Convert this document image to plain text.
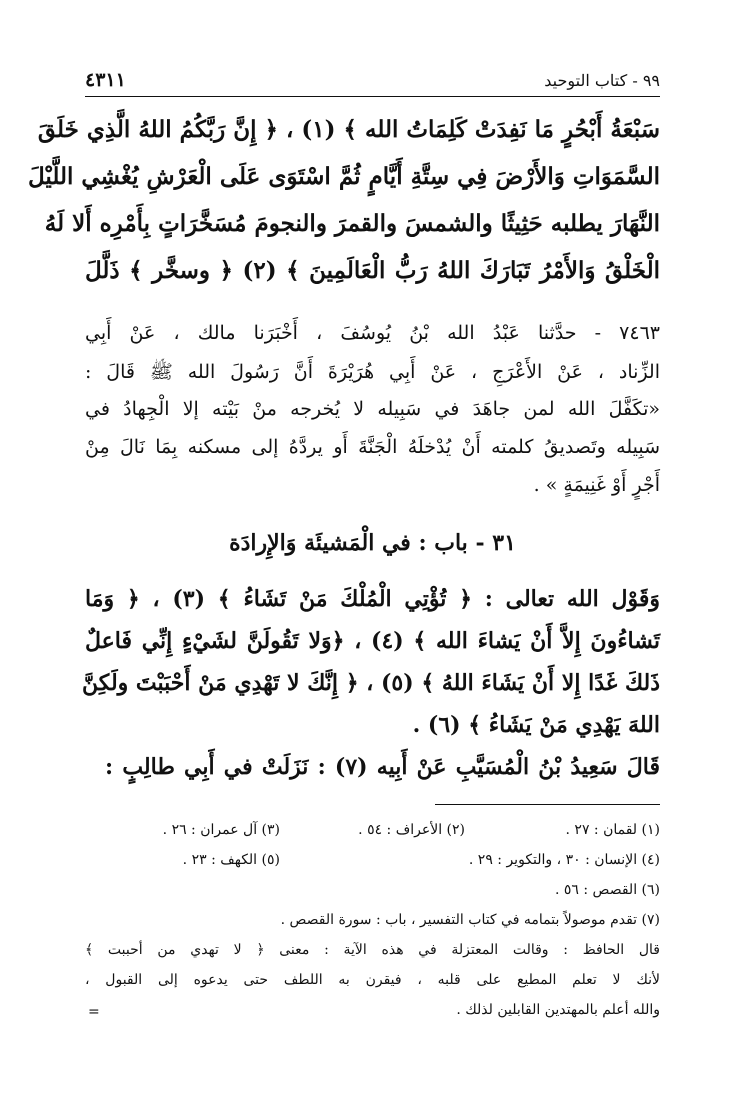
٩٩ - كتاب التوحيد
٤٣١١
سَبْعَةُ أَبْحُرٍ مَا نَفِدَتْ كَلِمَاتُ الله ﴾ (١) ، ﴿ إِنَّ رَبَّكُمُ اللهُ الَّذِي خَلَقَ
السَّمَوَاتِ وَالأَرْضَ فِي سِتَّةِ أَيَّامٍ ثُمَّ اسْتَوَى عَلَى الْعَرْشِ يُغْشِي اللَّيْلَ
النَّهَارَ يطلبه حَثِيثًا والشمسَ والقمرَ والنجومَ مُسَخَّرَاتٍ بِأَمْرِه أَلا لَهُ
الْخَلْقُ وَالأَمْرُ تَبَارَكَ اللهُ رَبُّ الْعَالَمِينَ ﴾ (٢) ﴿ وسخَّر ﴾ ذَلَّلَ
٧٤٦٣ - حدَّثنا عَبْدُ الله بْنُ يُوسُفَ ، أَخْبَرَنا مالك ، عَنْ أَبِي
الزِّناد ، عَنْ الأَعْرَجِ ، عَنْ أَبِي هُرَيْرَةَ أَنَّ رَسُولَ الله ﷺ قَالَ :
«تكَفَّلَ الله لمن جاهَدَ في سَبِيله لا يُخرجه منْ بَيْته إلا الْجِهادُ في
سَبِيله وتَصديقُ كلمته أَنْ يُدْخلَهُ الْجَنَّةَ أَو يردَّهُ إلى مسكنه بِمَا نَالَ مِنْ
أَجْرٍ أَوْ غَنِيمَةٍ » .
٣١ - باب : في الْمَشيئَة وَالإِرادَة
وَقَوْل الله تعالى : ﴿ تُؤْتِي الْمُلْكَ مَنْ تَشَاءُ ﴾ (٣) ، ﴿ وَمَا
تَشاءُونَ إِلاَّ أَنْ يَشاءَ الله ﴾ (٤) ، ﴿وَلا تَقُولَنَّ لشَيْءٍ إِنِّي فَاعلٌ
ذَلكَ غَدًا إِلا أَنْ يَشَاءَ اللهُ ﴾ (٥) ، ﴿ إِنَّكَ لا تَهْدِي مَنْ أَحْبَبْتَ ولَكِنَّ
اللهَ يَهْدِي مَنْ يَشَاءُ ﴾ (٦) .
قَالَ سَعِيدُ بْنُ الْمُسَيَّبِ عَنْ أَبِيه (٧) : نَزَلَتْ في أَبِي طالِبٍ :
(١) لقمان : ٢٧ .
(٢) الأعراف : ٥٤ .
(٣) آل عمران : ٢٦ .
(٤) الإنسان : ٣٠ ، والتكوير : ٢٩ .
(٥) الكهف : ٢٣ .
(٦) القصص : ٥٦ .
(٧) تقدم موصولاً بتمامه في كتاب التفسير ، باب : سورة القصص .
قال الحافظ : وقالت المعتزلة في هذه الآية : معنى ﴿ لا تهدي من أحببت ﴾
لأنك لا تعلم المطيع على قلبه ، فيقرن به اللطف حتى يدعوه إلى القبول ،
والله أعلم بالمهتدين القابلين لذلك .
=
